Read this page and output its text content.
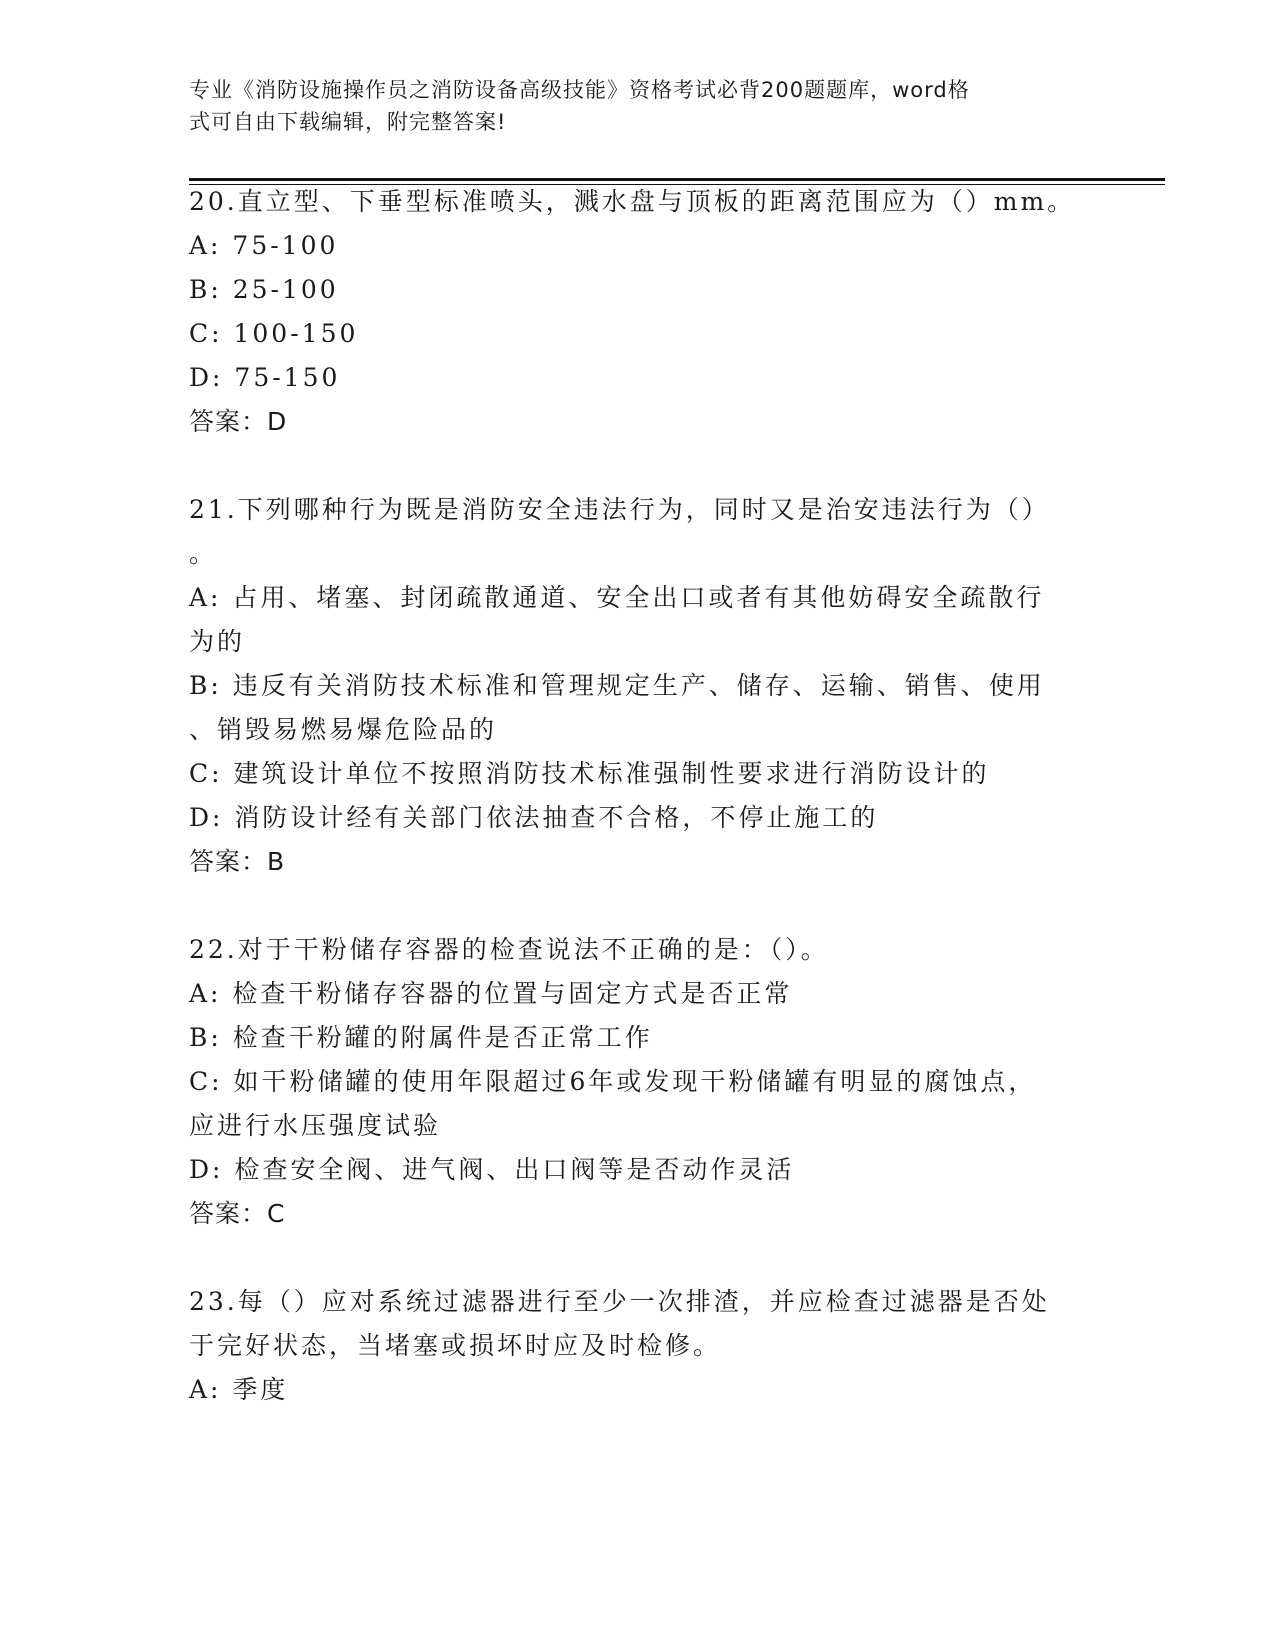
专业《消防设施操作员之消防设备高级技能》资格考试必背200题题库，word格
式可自由下载编辑，附完整答案!
20.直立型、下垂型标准喷头，溅水盘与顶板的距离范围应为（）mm。
A: 75-100
B: 25-100
C: 100-150
D: 75-150
答案：D
21.下列哪种行为既是消防安全违法行为，同时又是治安违法行为（）
。
A: 占用、堵塞、封闭疏散通道、安全出口或者有其他妨碍安全疏散行
为的
B: 违反有关消防技术标准和管理规定生产、储存、运输、销售、使用
、销毁易燃易爆危险品的
C: 建筑设计单位不按照消防技术标准强制性要求进行消防设计的
D: 消防设计经有关部门依法抽查不合格，不停止施工的
答案：B
22.对于干粉储存容器的检查说法不正确的是：（）。
A: 检查干粉储存容器的位置与固定方式是否正常
B: 检查干粉罐的附属件是否正常工作
C: 如干粉储罐的使用年限超过6年或发现干粉储罐有明显的腐蚀点，
应进行水压强度试验
D: 检查安全阀、进气阀、出口阀等是否动作灵活
答案：C
23.每（）应对系统过滤器进行至少一次排渣，并应检查过滤器是否处
于完好状态，当堵塞或损坏时应及时检修。
A: 季度
